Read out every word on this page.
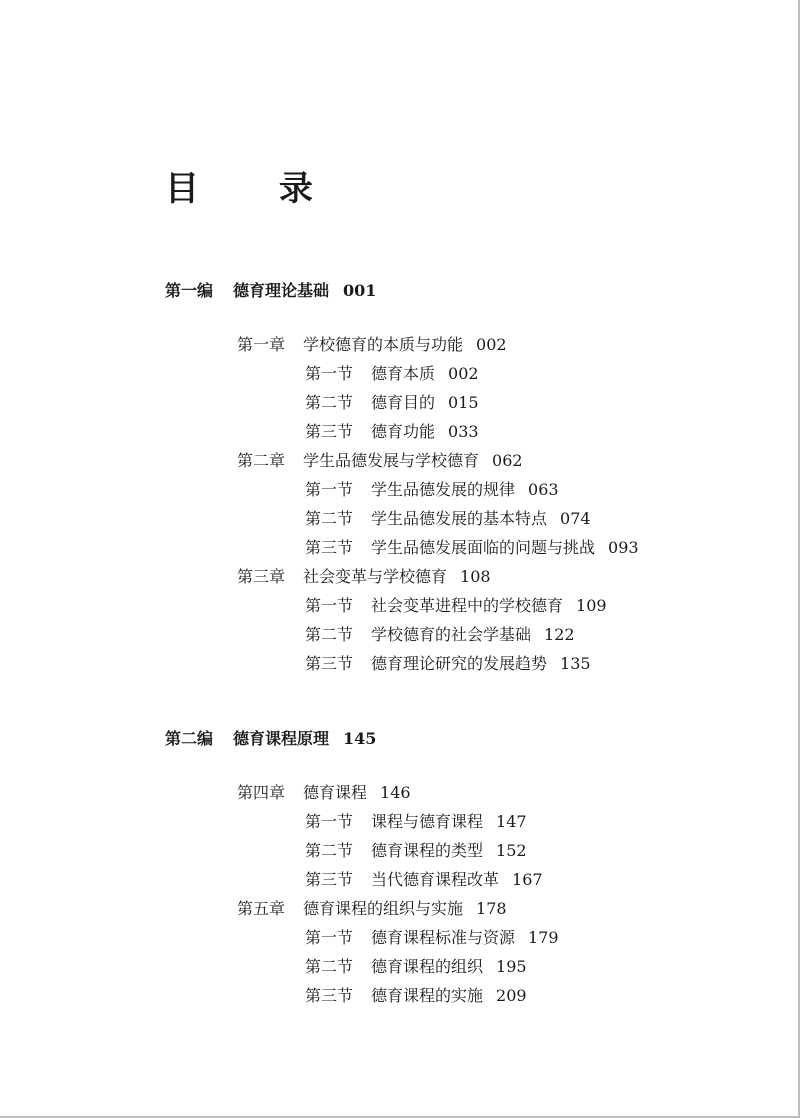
目 录
第一编 德育理论基础 001
第一章 学校德育的本质与功能 002
第一节 德育本质 002
第二节 德育目的 015
第三节 德育功能 033
第二章 学生品德发展与学校德育 062
第一节 学生品德发展的规律 063
第二节 学生品德发展的基本特点 074
第三节 学生品德发展面临的问题与挑战 093
第三章 社会变革与学校德育 108
第一节 社会变革进程中的学校德育 109
第二节 学校德育的社会学基础 122
第三节 德育理论研究的发展趋势 135
第二编 德育课程原理 145
第四章 德育课程 146
第一节 课程与德育课程 147
第二节 德育课程的类型 152
第三节 当代德育课程改革 167
第五章 德育课程的组织与实施 178
第一节 德育课程标准与资源 179
第二节 德育课程的组织 195
第三节 德育课程的实施 209
